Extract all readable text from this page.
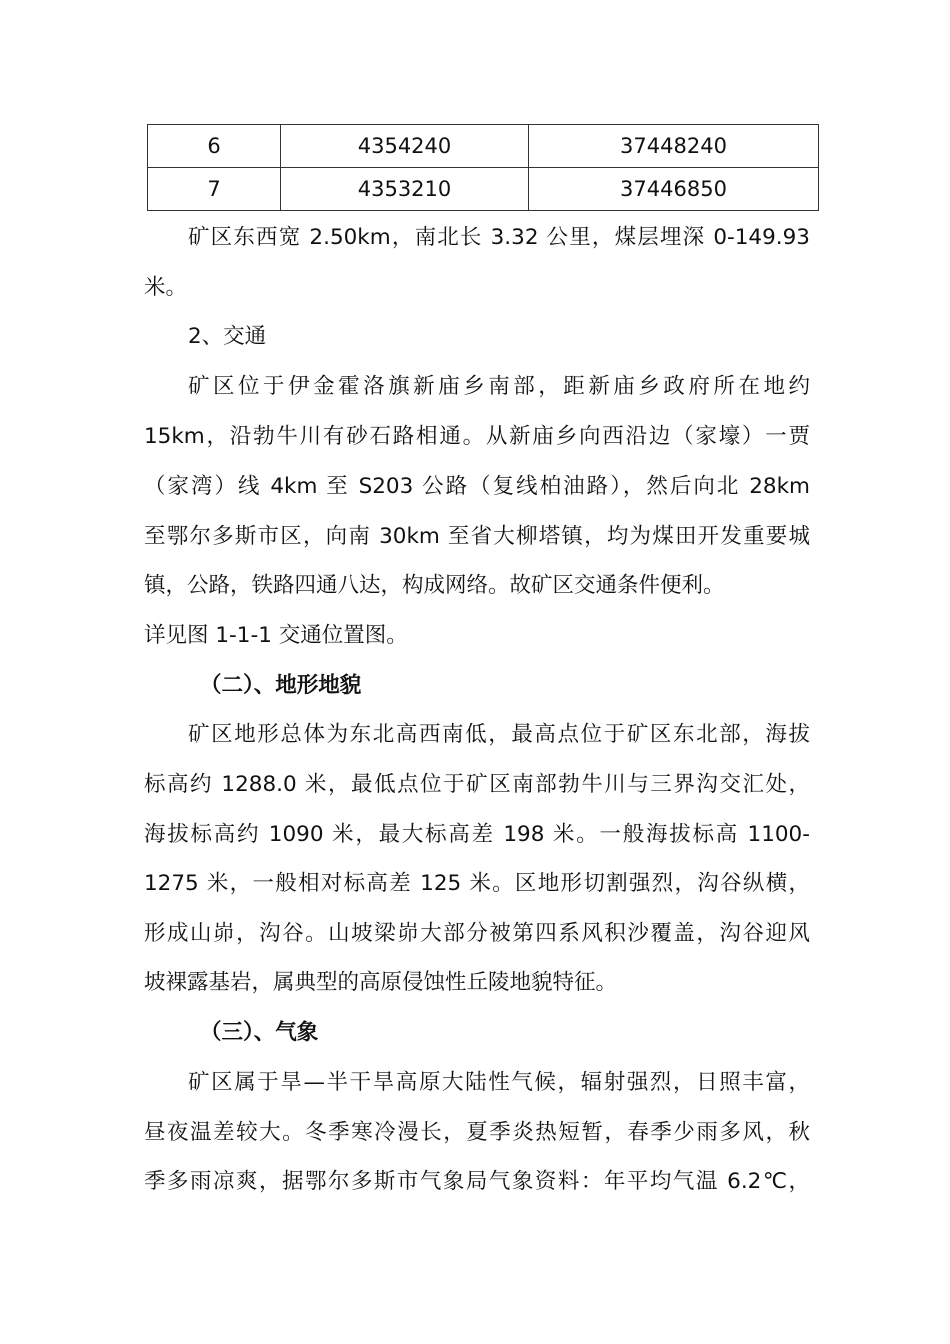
6	4354240	37448240
7	4353210	37446850
矿区东西宽 2.50km，南北长 3.32 公里，煤层埋深 0-149.93
米。
2、交通
矿区位于伊金霍洛旗新庙乡南部，距新庙乡政府所在地约
15km，沿勃牛川有砂石路相通。从新庙乡向西沿边（家壕）一贾
（家湾）线 4km 至 S203 公路（复线柏油路），然后向北 28km
至鄂尔多斯市区，向南 30km 至省大柳塔镇，均为煤田开发重要城
镇，公路，铁路四通八达，构成网络。故矿区交通条件便利。
详见图 1-1-1 交通位置图。
（二）、地形地貌
矿区地形总体为东北高西南低，最高点位于矿区东北部，海拔
标高约 1288.0 米，最低点位于矿区南部勃牛川与三界沟交汇处，
海拔标高约 1090 米，最大标高差 198 米。一般海拔标高 1100-
1275 米，一般相对标高差 125 米。区地形切割强烈，沟谷纵横，
形成山峁，沟谷。山坡梁峁大部分被第四系风积沙覆盖，沟谷迎风
坡裸露基岩，属典型的高原侵蚀性丘陵地貌特征。
（三）、气象
矿区属于旱—半干旱高原大陆性气候，辐射强烈，日照丰富，
昼夜温差较大。冬季寒冷漫长，夏季炎热短暂，春季少雨多风，秋
季多雨凉爽，据鄂尔多斯市气象局气象资料：年平均气温 6.2℃，
